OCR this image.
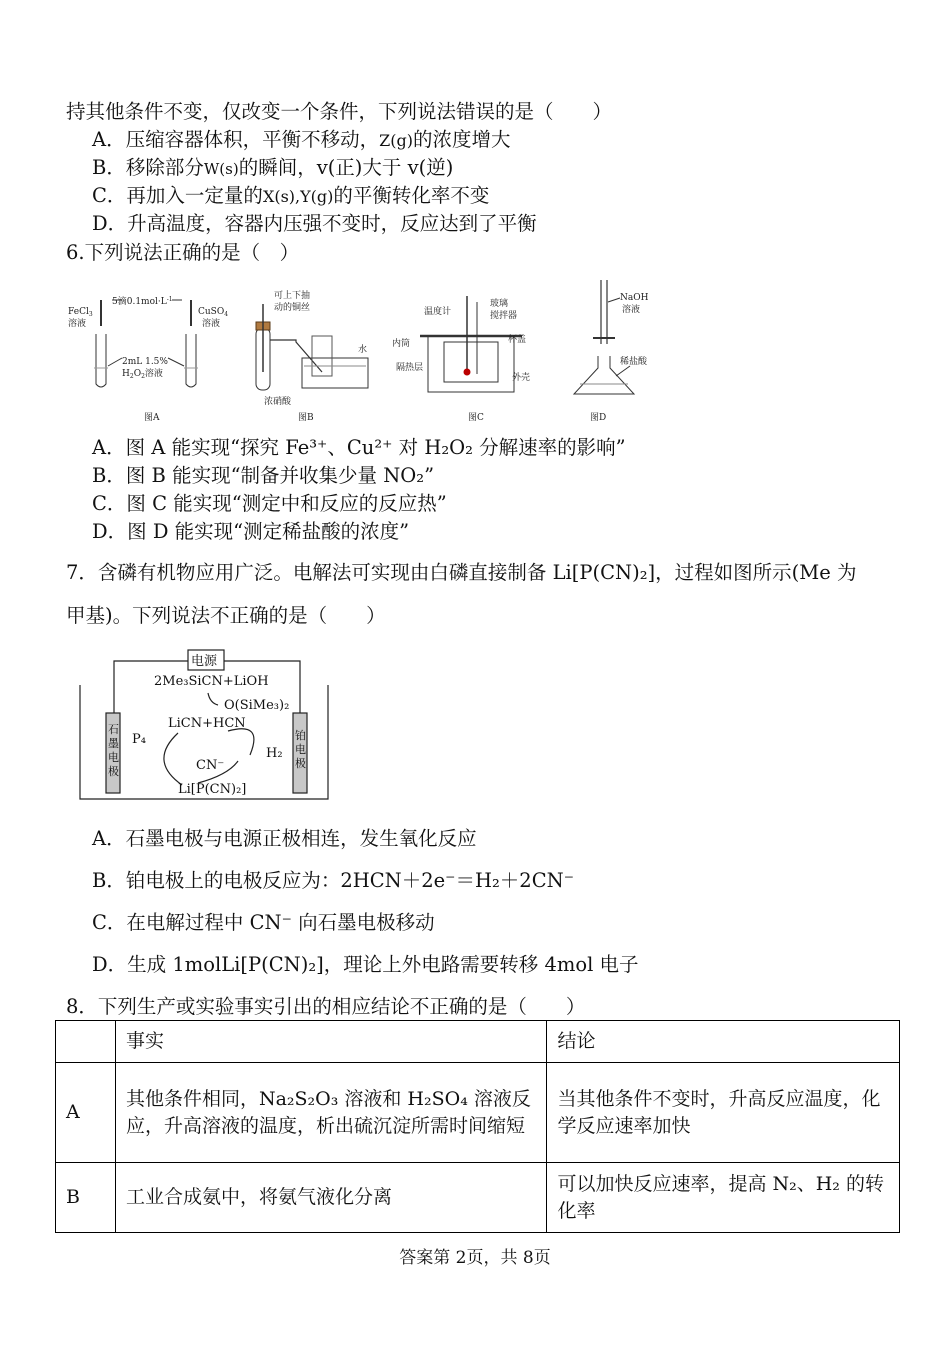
持其他条件不变，仅改变一个条件，下列说法错误的是（　　）
A．压缩容器体积，平衡不移动，Z(g)的浓度增大
B．移除部分W(s)的瞬间，v(正)大于 v(逆)
C．再加入一定量的X(s),Y(g)的平衡转化率不变
D．升高温度，容器内压强不变时，反应达到了平衡
6.下列说法正确的是（　）
FeCl$_3$
溶液
5滴$0.1mol\cdot L^{-1}$
CuSO$_4$
溶液
2mL 1.5%
$H_2O_2$溶液
图A
可上下抽
动的铜丝
水
浓硝酸
图B
温度计
玻璃
搅拌器
杯盖
内筒
隔热层
外壳
图C
NaOH
溶液
稀盐酸
图D
A．图 A 能实现“探究 Fe³⁺、Cu²⁺ 对 H₂O₂ 分解速率的影响”
B．图 B 能实现“制备并收集少量 NO₂”
C．图 C 能实现“测定中和反应的反应热”
D．图 D 能实现“测定稀盐酸的浓度”
7．含磷有机物应用广泛。电解法可实现由白磷直接制备 Li[P(CN)₂]，过程如图所示(Me 为
甲基)。下列说法不正确的是（　　）
电源
2Me₃SiCN+LiOH
O(SiMe₃)₂
LiCN+HCN
P₄
CN⁻
H₂
Li[P(CN)₂]
石
墨
电
极
铂
电
极
A．石墨电极与电源正极相连，发生氧化反应
B．铂电极上的电极反应为：2HCN＋2e⁻＝H₂＋2CN⁻
C．在电解过程中 CN⁻ 向石墨电极移动
D．生成 1molLi[P(CN)₂]，理论上外电路需要转移 4mol 电子
8．下列生产或实验事实引出的相应结论不正确的是（　　）
	事实	结论
A	其他条件相同，Na₂S₂O₃ 溶液和 H₂SO₄ 溶液反应，升高溶液的温度，析出硫沉淀所需时间缩短	当其他条件不变时，升高反应温度，化学反应速率加快
B	工业合成氨中，将氨气液化分离	可以加快反应速率，提高 N₂、H₂ 的转化率
答案第 2页，共 8页
